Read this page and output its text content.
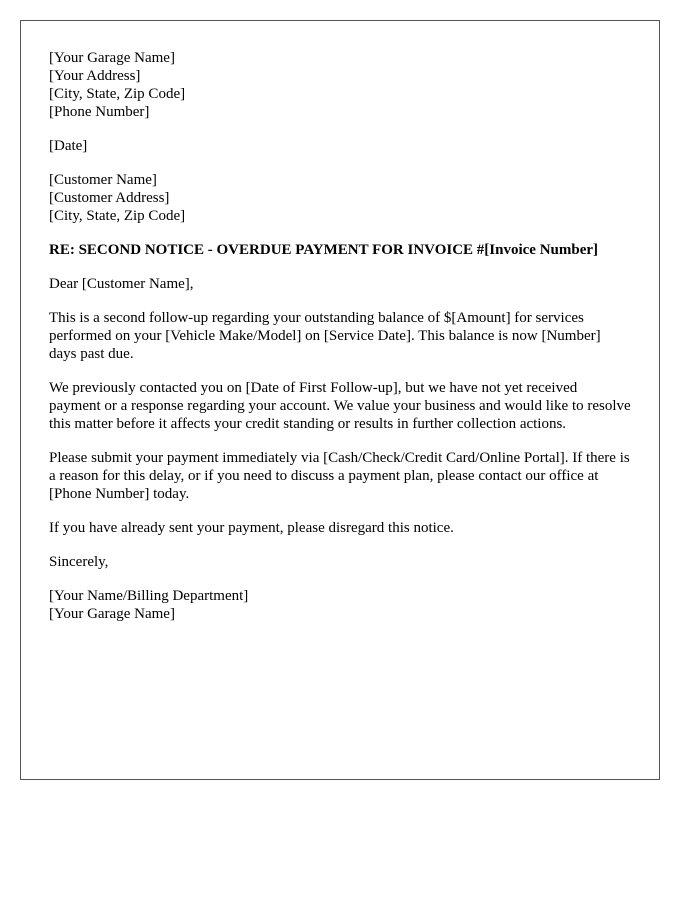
[Your Garage Name]
[Your Address]
[City, State, Zip Code]
[Phone Number]
[Date]
[Customer Name]
[Customer Address]
[City, State, Zip Code]
RE: SECOND NOTICE - OVERDUE PAYMENT FOR INVOICE #[Invoice Number]

Dear [Customer Name],

This is a second follow-up regarding your outstanding balance of $[Amount] for services performed on your [Vehicle Make/Model] on [Service Date]. This balance is now [Number] days past due.

We previously contacted you on [Date of First Follow-up], but we have not yet received payment or a response regarding your account. We value your business and would like to resolve this matter before it affects your credit standing or results in further collection actions.

Please submit your payment immediately via [Cash/Check/Credit Card/Online Portal]. If there is a reason for this delay, or if you need to discuss a payment plan, please contact our office at [Phone Number] today.

If you have already sent your payment, please disregard this notice.

Sincerely,

[Your Name/Billing Department]
[Your Garage Name]
